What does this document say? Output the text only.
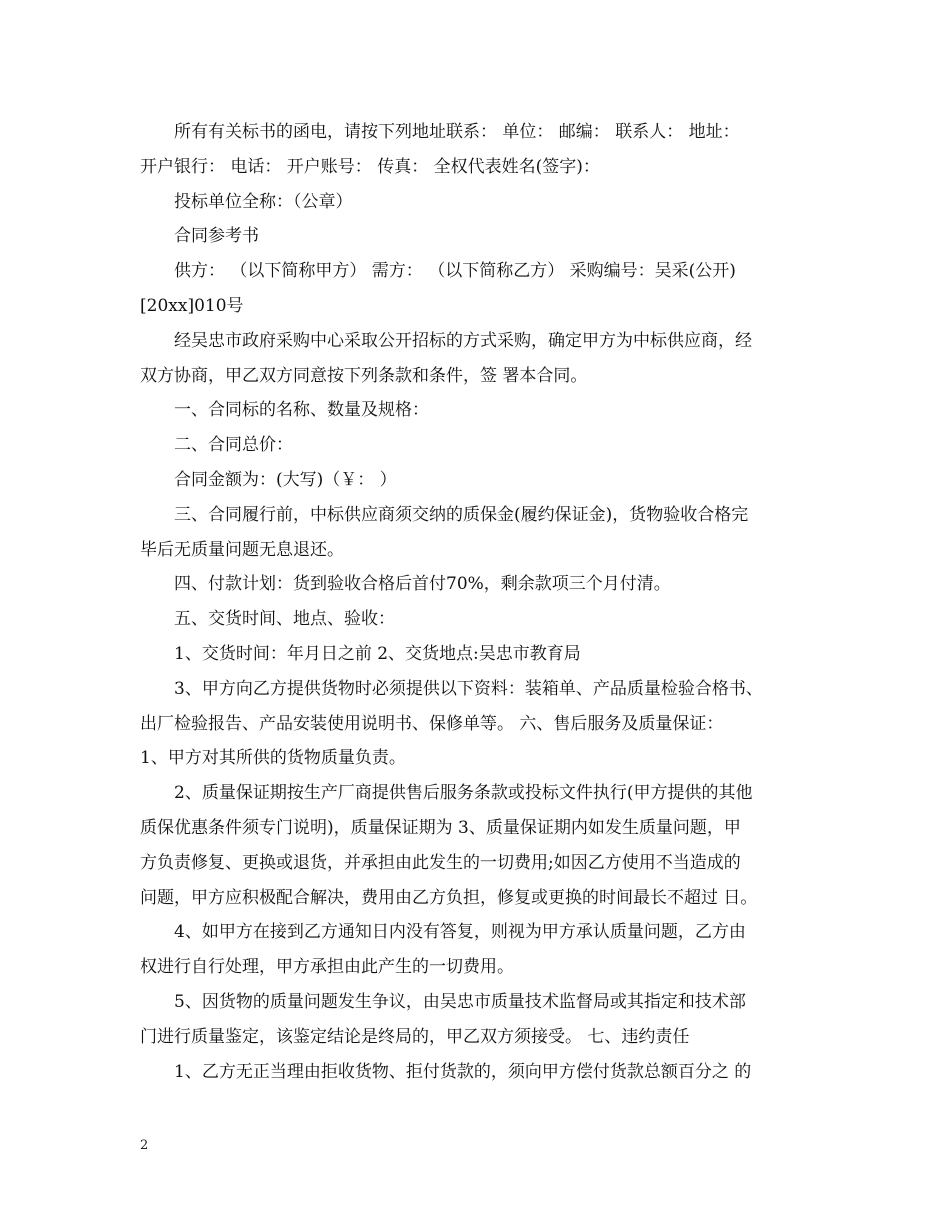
所有有关标书的函电，请按下列地址联系： 单位： 邮编： 联系人： 地址：
开户银行： 电话： 开户账号： 传真： 全权代表姓名(签字)：
投标单位全称：（公章）
合同参考书
供方： （以下简称甲方） 需方： （以下简称乙方） 采购编号：吴采(公开)
[20xx]010号
经吴忠市政府采购中心采取公开招标的方式采购，确定甲方为中标供应商，经
双方协商，甲乙双方同意按下列条款和条件，签 署本合同。
一、合同标的名称、数量及规格：
二、合同总价：
合同金额为：(大写)（￥： ）
三、合同履行前，中标供应商须交纳的质保金(履约保证金)，货物验收合格完
毕后无质量问题无息退还。
四、付款计划：货到验收合格后首付70%，剩余款项三个月付清。
五、交货时间、地点、验收：
1、交货时间：年月日之前 2、交货地点:吴忠市教育局
3、甲方向乙方提供货物时必须提供以下资料：装箱单、产品质量检验合格书、
出厂检验报告、产品安装使用说明书、保修单等。 六、售后服务及质量保证：
1、甲方对其所供的货物质量负责。
2、质量保证期按生产厂商提供售后服务条款或投标文件执行(甲方提供的其他
质保优惠条件须专门说明)，质量保证期为 3、质量保证期内如发生质量问题，甲
方负责修复、更换或退货，并承担由此发生的一切费用;如因乙方使用不当造成的
问题，甲方应积极配合解决，费用由乙方负担，修复或更换的时间最长不超过 日。
4、如甲方在接到乙方通知日内没有答复，则视为甲方承认质量问题，乙方由
权进行自行处理，甲方承担由此产生的一切费用。
5、因货物的质量问题发生争议，由吴忠市质量技术监督局或其指定和技术部
门进行质量鉴定，该鉴定结论是终局的，甲乙双方须接受。 七、违约责任
1、乙方无正当理由拒收货物、拒付货款的，须向甲方偿付货款总额百分之 的
2
